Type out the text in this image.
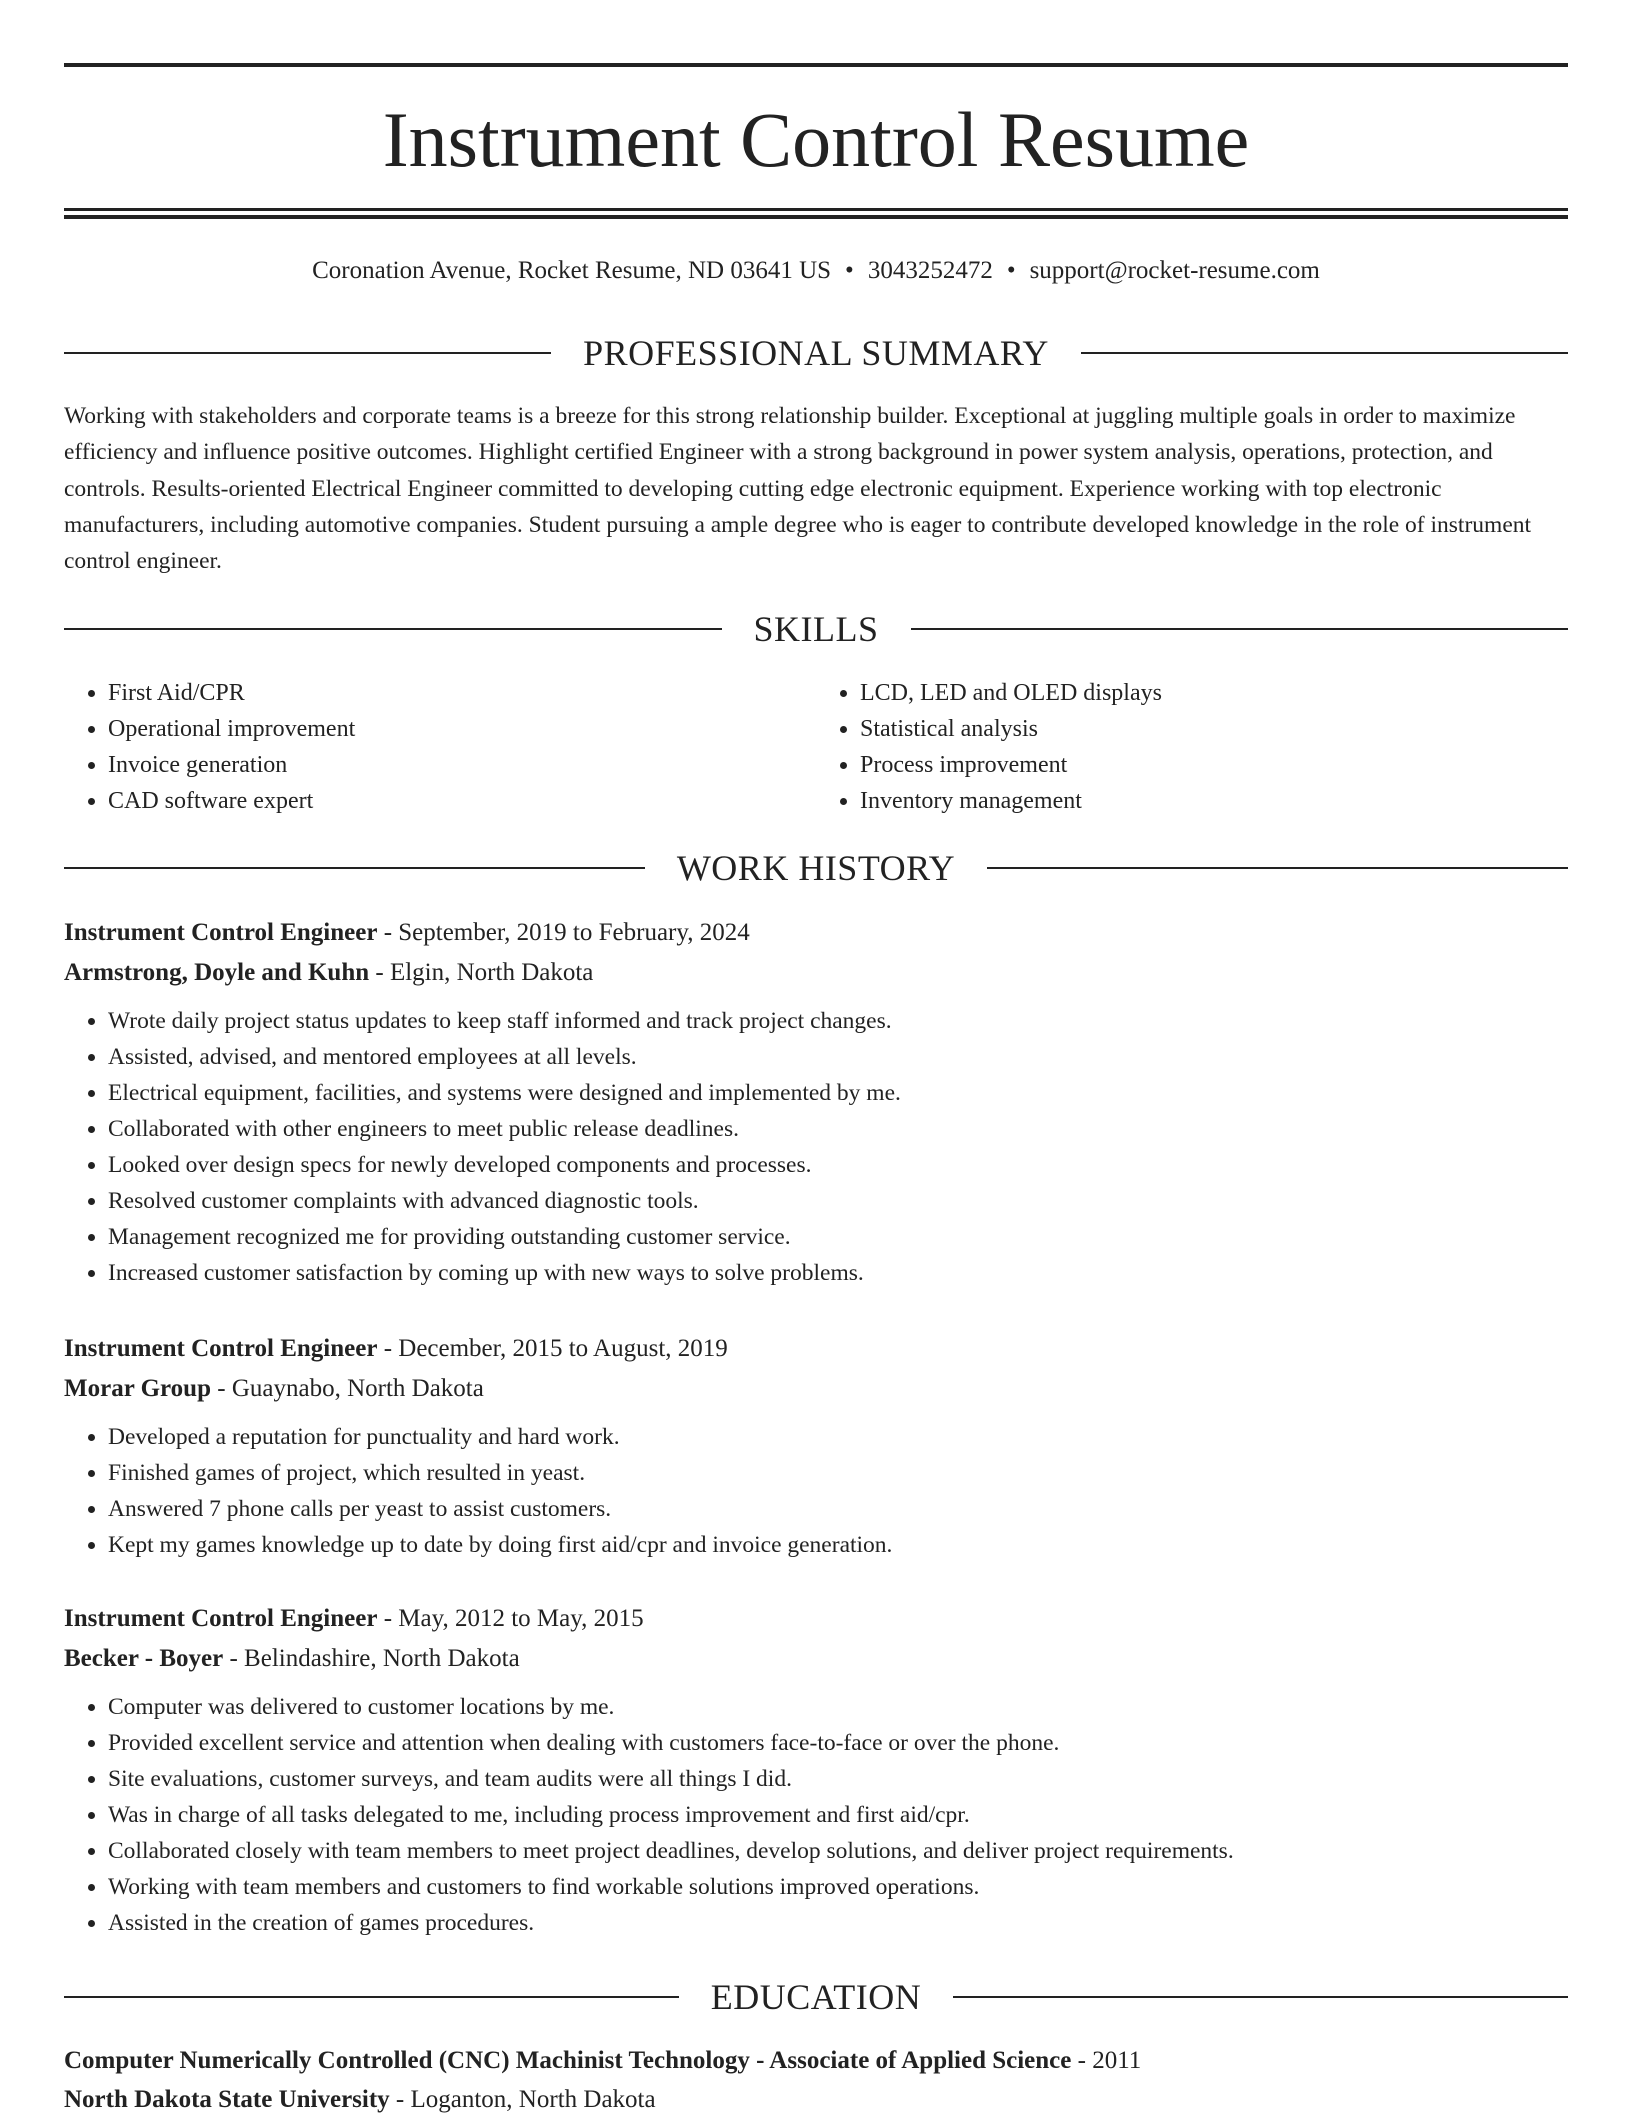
Instrument Control Resume
Coronation Avenue, Rocket Resume, ND 03641 US • 3043252472 • support@rocket-resume.com
PROFESSIONAL SUMMARY

Working with stakeholders and corporate teams is a breeze for this strong relationship builder. Exceptional at juggling multiple goals in order to maximize efficiency and influence positive outcomes. Highlight certified Engineer with a strong background in power system analysis, operations, protection, and controls. Results-oriented Electrical Engineer committed to developing cutting edge electronic equipment. Experience working with top electronic manufacturers, including automotive companies. Student pursuing a ample degree who is eager to contribute developed knowledge in the role of instrument control engineer.

SKILLS
• First Aid/CPR
• Operational improvement
• Invoice generation
• CAD software expert
• LCD, LED and OLED displays
• Statistical analysis
• Process improvement
• Inventory management
WORK HISTORY
Instrument Control Engineer - September, 2019 to February, 2024
Armstrong, Doyle and Kuhn - Elgin, North Dakota
• Wrote daily project status updates to keep staff informed and track project changes.
• Assisted, advised, and mentored employees at all levels.
• Electrical equipment, facilities, and systems were designed and implemented by me.
• Collaborated with other engineers to meet public release deadlines.
• Looked over design specs for newly developed components and processes.
• Resolved customer complaints with advanced diagnostic tools.
• Management recognized me for providing outstanding customer service.
• Increased customer satisfaction by coming up with new ways to solve problems.
Instrument Control Engineer - December, 2015 to August, 2019
Morar Group - Guaynabo, North Dakota
• Developed a reputation for punctuality and hard work.
• Finished games of project, which resulted in yeast.
• Answered 7 phone calls per yeast to assist customers.
• Kept my games knowledge up to date by doing first aid/cpr and invoice generation.
Instrument Control Engineer - May, 2012 to May, 2015
Becker - Boyer - Belindashire, North Dakota
• Computer was delivered to customer locations by me.
• Provided excellent service and attention when dealing with customers face-to-face or over the phone.
• Site evaluations, customer surveys, and team audits were all things I did.
• Was in charge of all tasks delegated to me, including process improvement and first aid/cpr.
• Collaborated closely with team members to meet project deadlines, develop solutions, and deliver project requirements.
• Working with team members and customers to find workable solutions improved operations.
• Assisted in the creation of games procedures.
EDUCATION
Computer Numerically Controlled (CNC) Machinist Technology - Associate of Applied Science - 2011
North Dakota State University - Loganton, North Dakota
